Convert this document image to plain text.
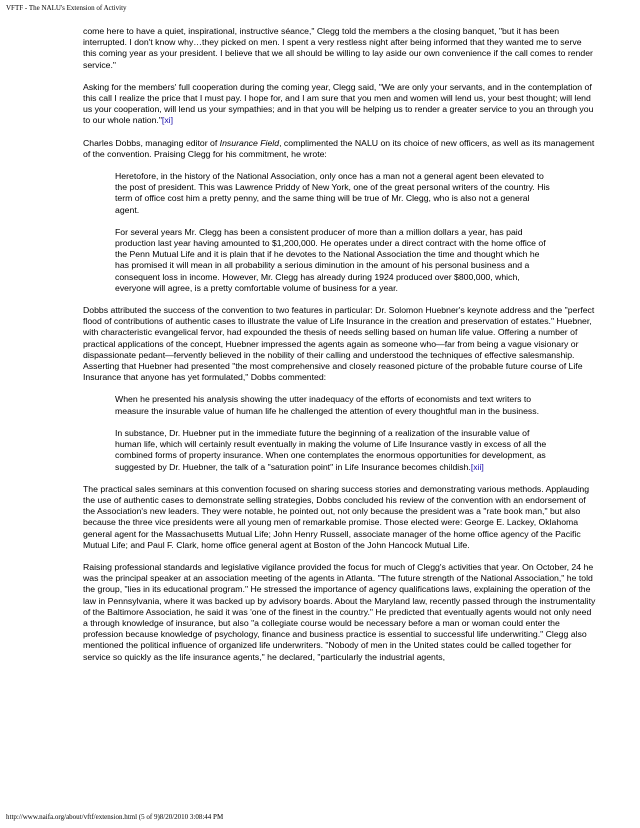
VFTF - The NALU's Extension of Activity

come here to have a quiet, inspirational, instructive séance," Clegg told the members a the closing banquet, "but it has been interrupted. I don't know why…they picked on men. I spent a very restless night after being informed that they wanted me to serve this coming year as your president. I believe that we all should be willing to lay aside our own convenience if the call comes to render service."

Asking for the members' full cooperation during the coming year, Clegg said, "We are only your servants, and in the contemplation of this call I realize the price that I must pay. I hope for, and I am sure that you men and women will lend us, your best thought; will lend us your cooperation, will lend us your sympathies; and in that you will be helping us to render a greater service to you an through you to our whole nation."[xi]

Charles Dobbs, managing editor of Insurance Field, complimented the NALU on its choice of new officers, as well as its management of the convention. Praising Clegg for his commitment, he wrote:

Heretofore, in the history of the National Association, only once has a man not a general agent been elevated to the post of president. This was Lawrence Priddy of New York, one of the great personal writers of the country. His term of office cost him a pretty penny, and the same thing will be true of Mr. Clegg, who is also not a general agent.

For several years Mr. Clegg has been a consistent producer of more than a million dollars a year, has paid production last year having amounted to $1,200,000. He operates under a direct contract with the home office of the Penn Mutual Life and it is plain that if he devotes to the National Association the time and thought which he has promised it will mean in all probability a serious diminution in the amount of his personal business and a consequent loss in income. However, Mr. Clegg has already during 1924 produced over $800,000, which, everyone will agree, is a pretty comfortable volume of business for a year.

Dobbs attributed the success of the convention to two features in particular: Dr. Solomon Huebner's keynote address and the "perfect flood of contributions of authentic cases to illustrate the value of Life Insurance in the creation and preservation of estates." Huebner, with characteristic evangelical fervor, had expounded the thesis of needs selling based on human life value. Offering a number of practical applications of the concept, Huebner impressed the agents again as someone who—far from being a vague visionary or dispassionate pedant—fervently believed in the nobility of their calling and understood the techniques of effective salesmanship. Asserting that Huebner had presented "the most comprehensive and closely reasoned picture of the probable future course of Life Insurance that anyone has yet formulated," Dobbs commented:

When he presented his analysis showing the utter inadequacy of the efforts of economists and text writers to measure the insurable value of human life he challenged the attention of every thoughtful man in the business.

In substance, Dr. Huebner put in the immediate future the beginning of a realization of the insurable value of human life, which will certainly result eventually in making the volume of Life Insurance vastly in excess of all the combined forms of property insurance. When one contemplates the enormous opportunities for development, as suggested by Dr. Huebner, the talk of a "saturation point" in Life Insurance becomes childish.[xii]

The practical sales seminars at this convention focused on sharing success stories and demonstrating various methods. Applauding the use of authentic cases to demonstrate selling strategies, Dobbs concluded his review of the convention with an endorsement of the Association's new leaders. They were notable, he pointed out, not only because the president was a "rate book man," but also because the three vice presidents were all young men of remarkable promise. Those elected were: George E. Lackey, Oklahoma general agent for the Massachusetts Mutual Life; John Henry Russell, associate manager of the home office agency of the Pacific Mutual Life; and Paul F. Clark, home office general agent at Boston of the John Hancock Mutual Life.

Raising professional standards and legislative vigilance provided the focus for much of Clegg's activities that year. On October, 24 he was the principal speaker at an association meeting of the agents in Atlanta. "The future strength of the National Association," he told the group, "lies in its educational program." He stressed the importance of agency qualifications laws, explaining the operation of the law in Pennsylvania, where it was backed up by advisory boards. About the Maryland law, recently passed through the instrumentality of the Baltimore Association, he said it was 'one of the finest in the country." He predicted that eventually agents would not only need a through knowledge of insurance, but also "a collegiate course would be necessary before a man or woman could enter the profession because knowledge of psychology, finance and business practice is essential to successful life underwriting." Clegg also mentioned the political influence of organized life underwriters. "Nobody of men in the United states could be called together for service so quickly as the life insurance agents," he declared, "particularly the industrial agents,

http://www.naifa.org/about/vftf/extension.html (5 of 9)8/20/2010 3:08:44 PM
